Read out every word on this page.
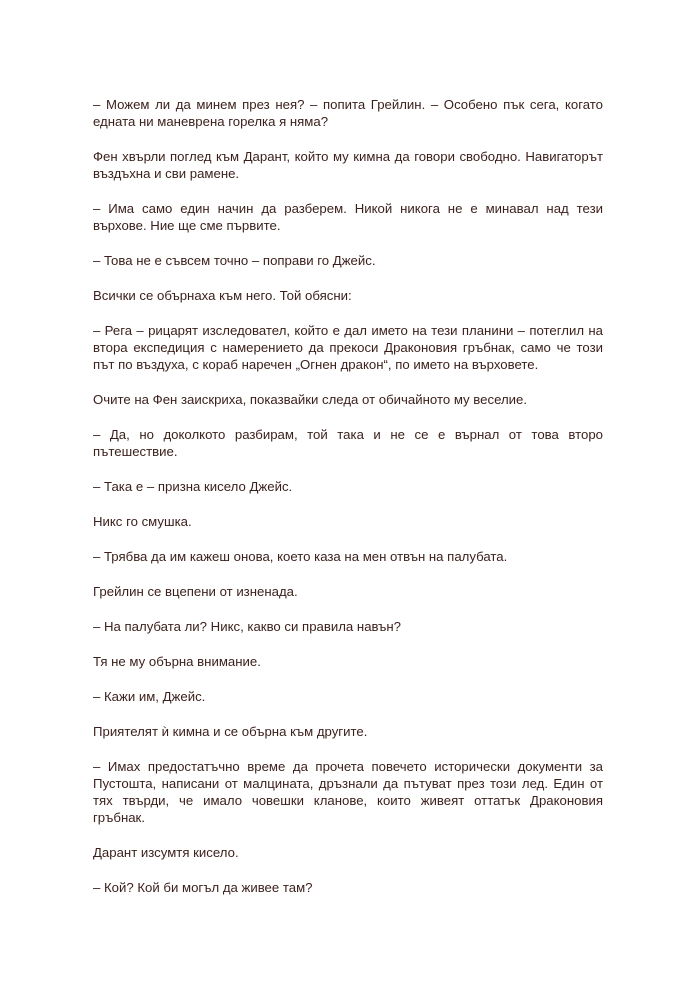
– Можем ли да минем през нея? – попита Грейлин. – Особено пък сега, когато едната ни маневрена горелка я няма?

Фен хвърли поглед към Дарант, който му кимна да говори свободно. Навигаторът въздъхна и сви рамене.

– Има само един начин да разберем. Никой никога не е минавал над тези върхове. Ние ще сме първите.

– Това не е съвсем точно – поправи го Джейс.

Всички се обърнаха към него. Той обясни:

– Рега – рицарят изследовател, който е дал името на тези планини – потеглил на втора експедиция с намерението да прекоси Драконовия гръбнак, само че този път по въздуха, с кораб наречен „Огнен дракон“, по името на върховете.

Очите на Фен заискриха, показвайки следа от обичайното му веселие.

– Да, но доколкото разбирам, той така и не се е върнал от това второ пътешествие.

– Така е – призна кисело Джейс.

Никс го смушка.

– Трябва да им кажеш онова, което каза на мен отвън на палубата.

Грейлин се вцепени от изненада.

– На палубата ли? Никс, какво си правила навън?

Тя не му обърна внимание.

– Кажи им, Джейс.

Приятелят ѝ кимна и се обърна към другите.

– Имах предостатъчно време да прочета повечето исторически документи за Пустошта, написани от малцината, дръзнали да пътуват през този лед. Един от тях твърди, че имало човешки кланове, които живеят оттатък Драконовия гръбнак.

Дарант изсумтя кисело.

– Кой? Кой би могъл да живее там?
